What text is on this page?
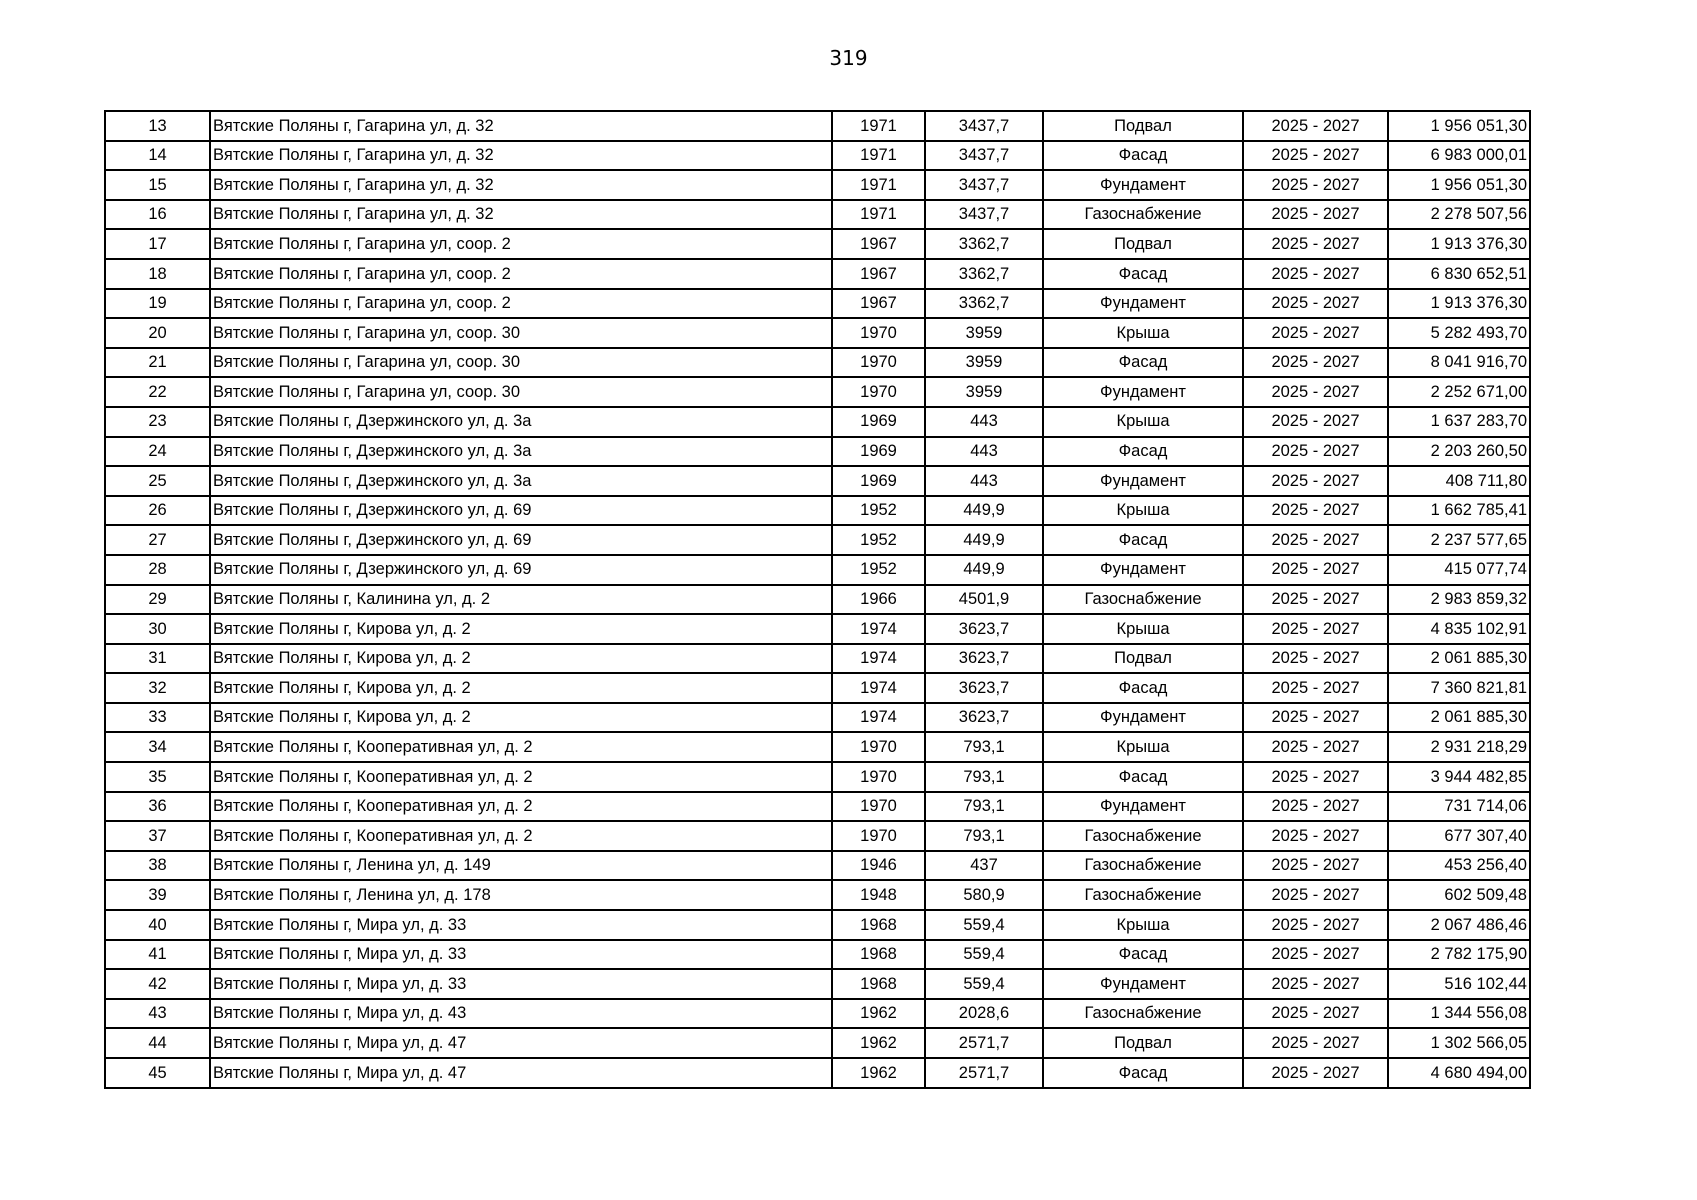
319
13	Вятские Поляны г, Гагарина ул, д. 32	1971	3437,7	Подвал	2025 - 2027	1 956 051,30
14	Вятские Поляны г, Гагарина ул, д. 32	1971	3437,7	Фасад	2025 - 2027	6 983 000,01
15	Вятские Поляны г, Гагарина ул, д. 32	1971	3437,7	Фундамент	2025 - 2027	1 956 051,30
16	Вятские Поляны г, Гагарина ул, д. 32	1971	3437,7	Газоснабжение	2025 - 2027	2 278 507,56
17	Вятские Поляны г, Гагарина ул, соор. 2	1967	3362,7	Подвал	2025 - 2027	1 913 376,30
18	Вятские Поляны г, Гагарина ул, соор. 2	1967	3362,7	Фасад	2025 - 2027	6 830 652,51
19	Вятские Поляны г, Гагарина ул, соор. 2	1967	3362,7	Фундамент	2025 - 2027	1 913 376,30
20	Вятские Поляны г, Гагарина ул, соор. 30	1970	3959	Крыша	2025 - 2027	5 282 493,70
21	Вятские Поляны г, Гагарина ул, соор. 30	1970	3959	Фасад	2025 - 2027	8 041 916,70
22	Вятские Поляны г, Гагарина ул, соор. 30	1970	3959	Фундамент	2025 - 2027	2 252 671,00
23	Вятские Поляны г, Дзержинского ул, д. 3а	1969	443	Крыша	2025 - 2027	1 637 283,70
24	Вятские Поляны г, Дзержинского ул, д. 3а	1969	443	Фасад	2025 - 2027	2 203 260,50
25	Вятские Поляны г, Дзержинского ул, д. 3а	1969	443	Фундамент	2025 - 2027	408 711,80
26	Вятские Поляны г, Дзержинского ул, д. 69	1952	449,9	Крыша	2025 - 2027	1 662 785,41
27	Вятские Поляны г, Дзержинского ул, д. 69	1952	449,9	Фасад	2025 - 2027	2 237 577,65
28	Вятские Поляны г, Дзержинского ул, д. 69	1952	449,9	Фундамент	2025 - 2027	415 077,74
29	Вятские Поляны г, Калинина ул, д. 2	1966	4501,9	Газоснабжение	2025 - 2027	2 983 859,32
30	Вятские Поляны г, Кирова ул, д. 2	1974	3623,7	Крыша	2025 - 2027	4 835 102,91
31	Вятские Поляны г, Кирова ул, д. 2	1974	3623,7	Подвал	2025 - 2027	2 061 885,30
32	Вятские Поляны г, Кирова ул, д. 2	1974	3623,7	Фасад	2025 - 2027	7 360 821,81
33	Вятские Поляны г, Кирова ул, д. 2	1974	3623,7	Фундамент	2025 - 2027	2 061 885,30
34	Вятские Поляны г, Кооперативная ул, д. 2	1970	793,1	Крыша	2025 - 2027	2 931 218,29
35	Вятские Поляны г, Кооперативная ул, д. 2	1970	793,1	Фасад	2025 - 2027	3 944 482,85
36	Вятские Поляны г, Кооперативная ул, д. 2	1970	793,1	Фундамент	2025 - 2027	731 714,06
37	Вятские Поляны г, Кооперативная ул, д. 2	1970	793,1	Газоснабжение	2025 - 2027	677 307,40
38	Вятские Поляны г, Ленина ул, д. 149	1946	437	Газоснабжение	2025 - 2027	453 256,40
39	Вятские Поляны г, Ленина ул, д. 178	1948	580,9	Газоснабжение	2025 - 2027	602 509,48
40	Вятские Поляны г, Мира ул, д. 33	1968	559,4	Крыша	2025 - 2027	2 067 486,46
41	Вятские Поляны г, Мира ул, д. 33	1968	559,4	Фасад	2025 - 2027	2 782 175,90
42	Вятские Поляны г, Мира ул, д. 33	1968	559,4	Фундамент	2025 - 2027	516 102,44
43	Вятские Поляны г, Мира ул, д. 43	1962	2028,6	Газоснабжение	2025 - 2027	1 344 556,08
44	Вятские Поляны г, Мира ул, д. 47	1962	2571,7	Подвал	2025 - 2027	1 302 566,05
45	Вятские Поляны г, Мира ул, д. 47	1962	2571,7	Фасад	2025 - 2027	4 680 494,00
